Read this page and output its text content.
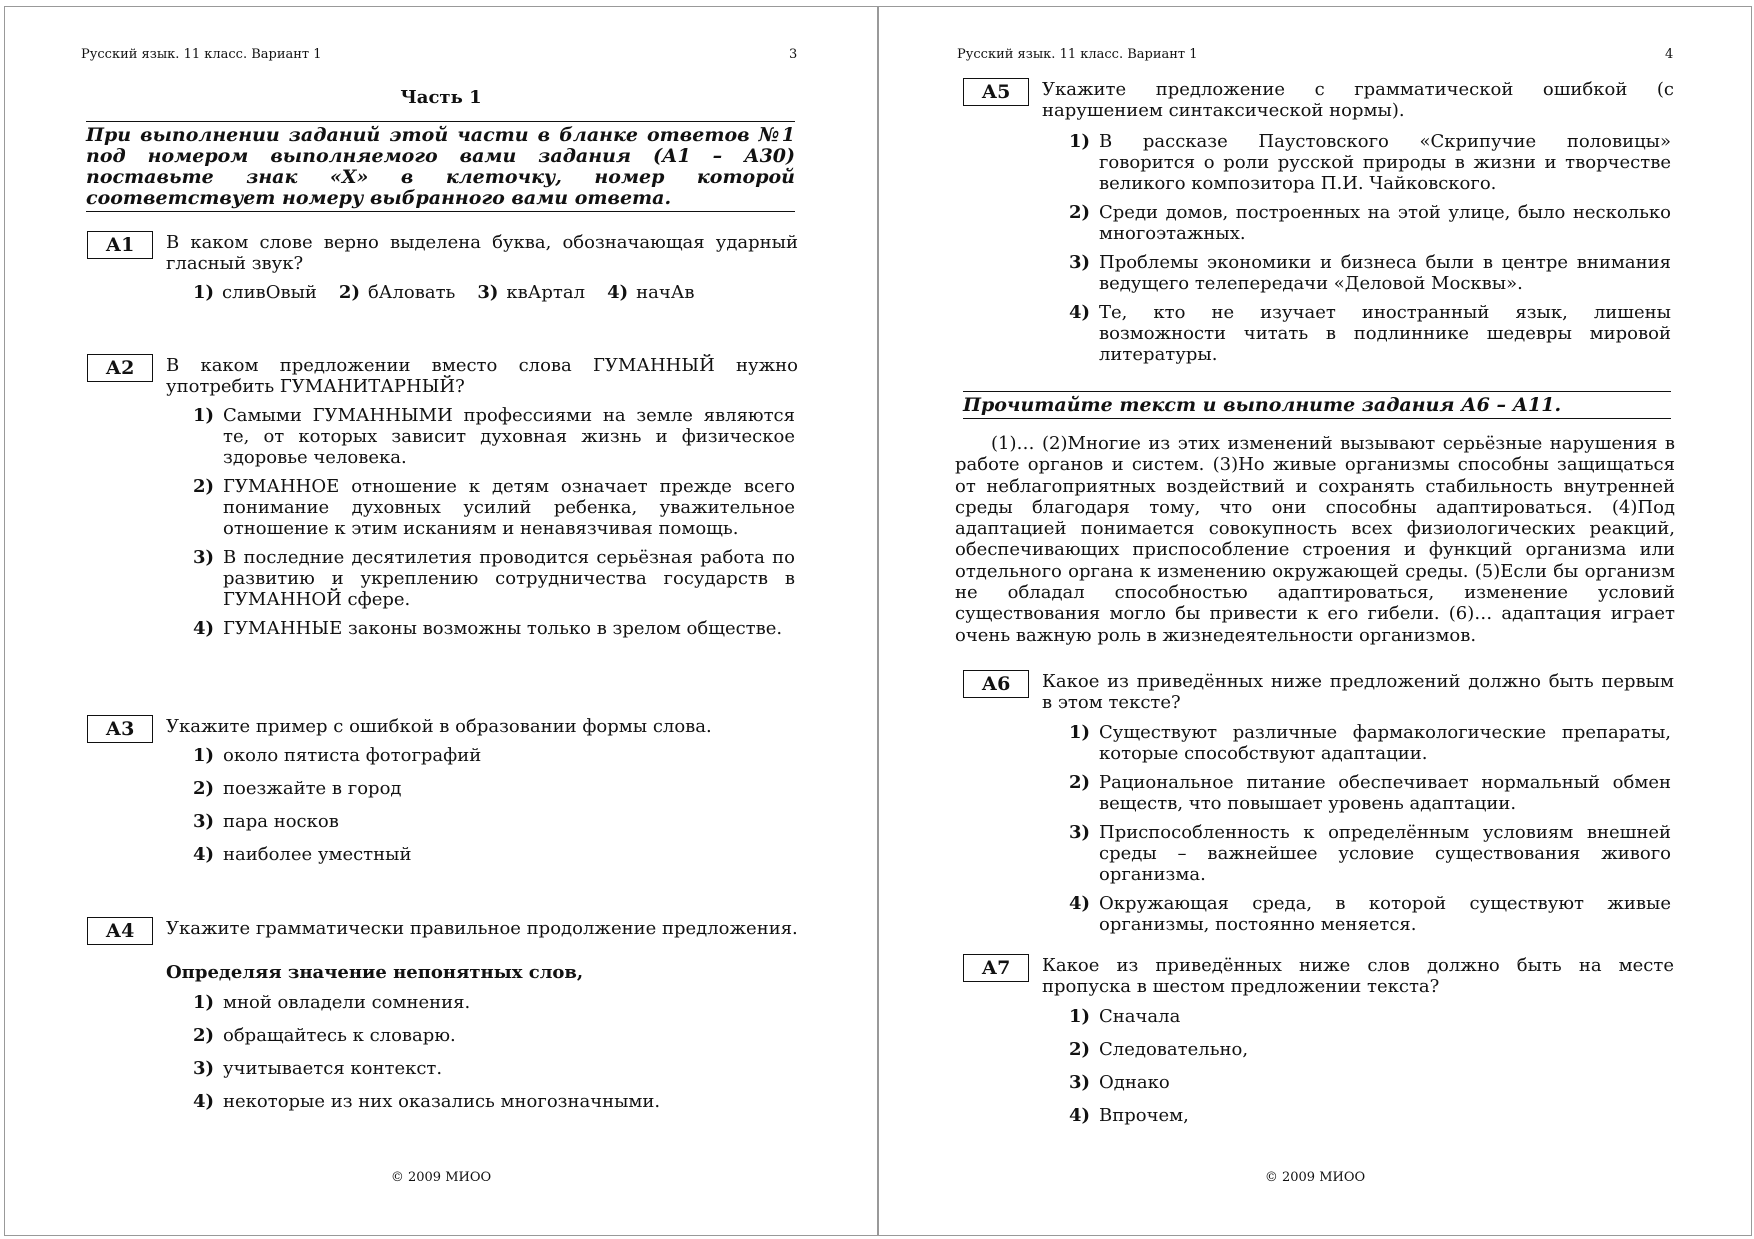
Русский язык. 11 класс. Вариант 1	3
Часть 1
При выполнении заданий этой части в бланке ответов №1 под номером выполняемого вами задания (А1 – А30) поставьте знак «Х» в клеточку, номер которой соответствует номеру выбранного вами ответа.
А1	В каком слове верно выделена буква, обозначающая ударный гласный звук?
1) сливОвый 2) бАловать 3) квАртал 4) начАв
А2	В каком предложении вместо слова ГУМАННЫЙ нужно употребить ГУМАНИТАРНЫЙ?
1) Самыми ГУМАННЫМИ профессиями на земле являются те, от которых зависит духовная жизнь и физическое здоровье человека.
2) ГУМАННОЕ отношение к детям означает прежде всего понимание духовных усилий ребенка, уважительное отношение к этим исканиям и ненавязчивая помощь.
3) В последние десятилетия проводится серьёзная работа по развитию и укреплению сотрудничества государств в ГУМАННОЙ сфере.
4) ГУМАННЫЕ законы возможны только в зрелом обществе.
А3	Укажите пример с ошибкой в образовании формы слова.
1) около пятиста фотографий
2) поезжайте в город
3) пара носков
4) наиболее уместный
А4	Укажите грамматически правильное продолжение предложения.
Определяя значение непонятных слов,
1) мной овладели сомнения.
2) обращайтесь к словарю.
3) учитывается контекст.
4) некоторые из них оказались многозначными.
© 2009 МИОО
Русский язык. 11 класс. Вариант 1	4
А5	Укажите предложение с грамматической ошибкой (с нарушением синтаксической нормы).
1) В рассказе Паустовского «Скрипучие половицы» говорится о роли русской природы в жизни и творчестве великого композитора П.И. Чайковского.
2) Среди домов, построенных на этой улице, было несколько многоэтажных.
3) Проблемы экономики и бизнеса были в центре внимания ведущего телепередачи «Деловой Москвы».
4) Те, кто не изучает иностранный язык, лишены возможности читать в подлиннике шедевры мировой литературы.
Прочитайте текст и выполните задания А6 – А11.
(1)… (2)Многие из этих изменений вызывают серьёзные нарушения в работе органов и систем. (3)Но живые организмы способны защищаться от неблагоприятных воздействий и сохранять стабильность внутренней среды благодаря тому, что они способны адаптироваться. (4)Под адаптацией понимается совокупность всех физиологических реакций, обеспечивающих приспособление строения и функций организма или отдельного органа к изменению окружающей среды. (5)Если бы организм не обладал способностью адаптироваться, изменение условий существования могло бы привести к его гибели. (6)… адаптация играет очень важную роль в жизнедеятельности организмов.
А6	Какое из приведённых ниже предложений должно быть первым в этом тексте?
1) Существуют различные фармакологические препараты, которые способствуют адаптации.
2) Рациональное питание обеспечивает нормальный обмен веществ, что повышает уровень адаптации.
3) Приспособленность к определённым условиям внешней среды – важнейшее условие существования живого организма.
4) Окружающая среда, в которой существуют живые организмы, постоянно меняется.
А7	Какое из приведённых ниже слов должно быть на месте пропуска в шестом предложении текста?
1) Сначала
2) Следовательно,
3) Однако
4) Впрочем,
© 2009 МИОО
